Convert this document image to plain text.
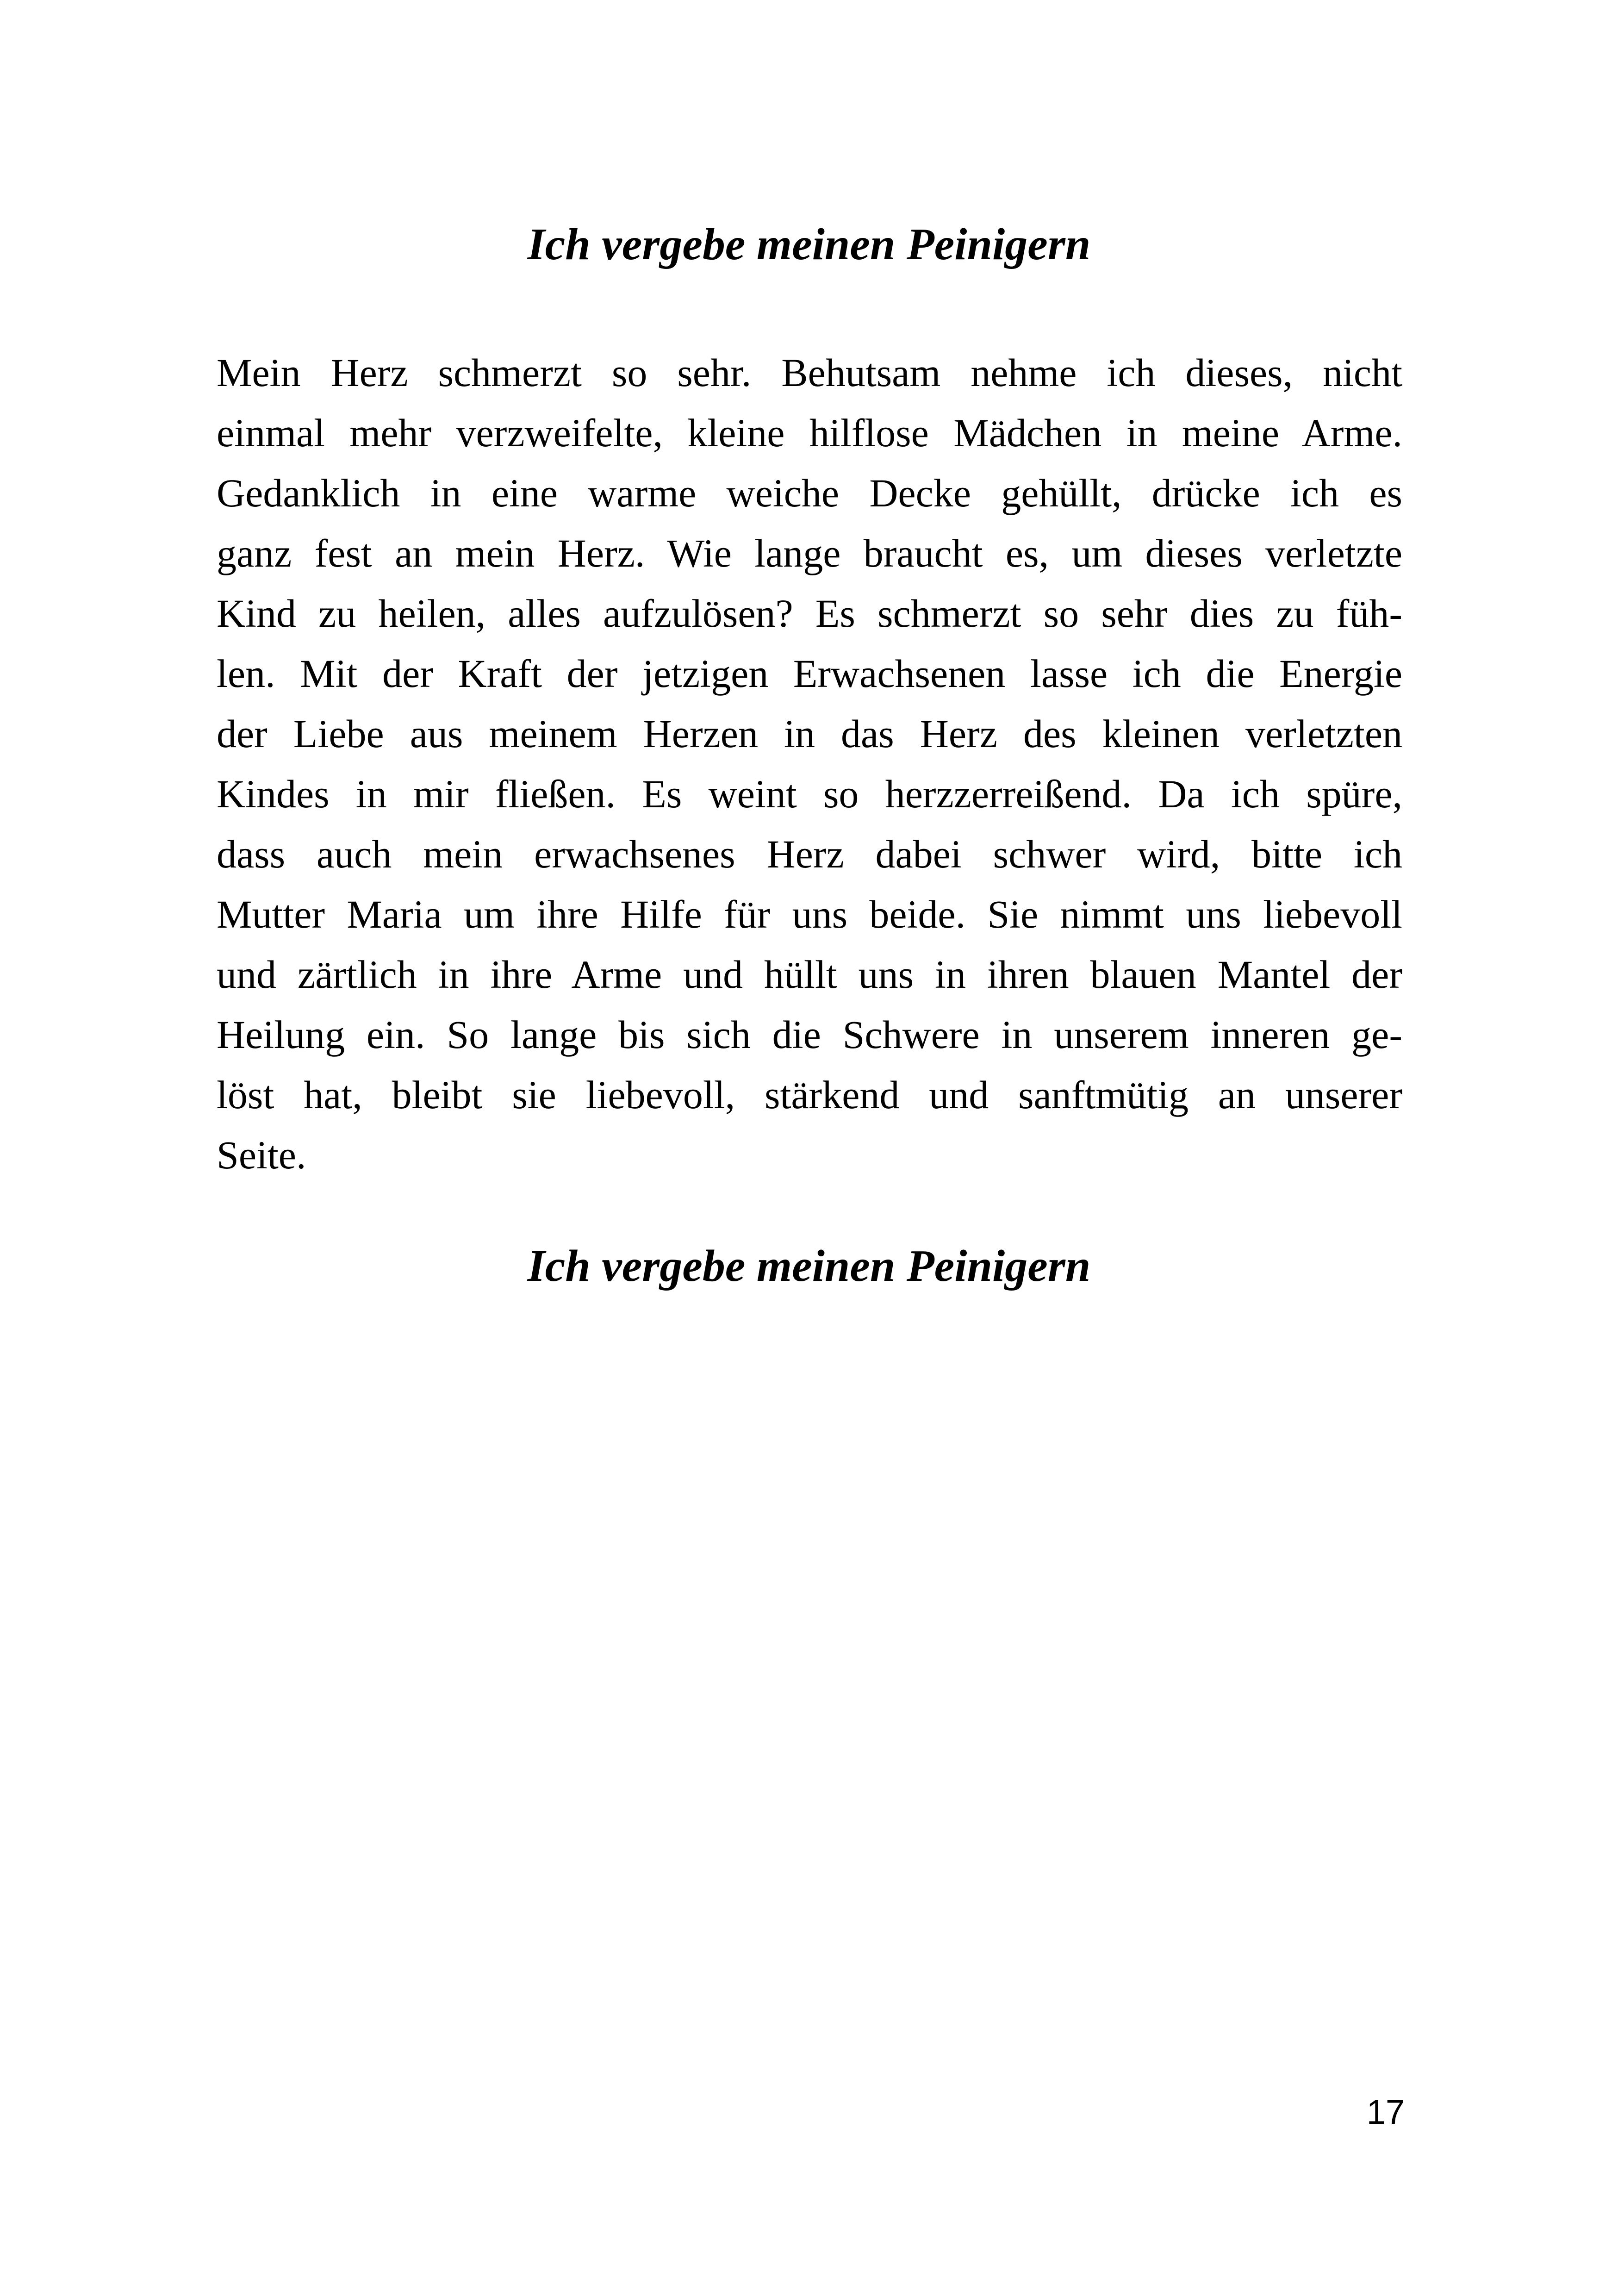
Ich vergebe meinen Peinigern
Mein Herz schmerzt so sehr. Behutsam nehme ich dieses, nicht
einmal mehr verzweifelte, kleine hilflose Mädchen in meine Arme.
Gedanklich in eine warme weiche Decke gehüllt, drücke ich es
ganz fest an mein Herz. Wie lange braucht es, um dieses verletzte
Kind zu heilen, alles aufzulösen? Es schmerzt so sehr dies zu füh-
len. Mit der Kraft der jetzigen Erwachsenen lasse ich die Energie
der Liebe aus meinem Herzen in das Herz des kleinen verletzten
Kindes in mir fließen. Es weint so herzzerreißend. Da ich spüre,
dass auch mein erwachsenes Herz dabei schwer wird, bitte ich
Mutter Maria um ihre Hilfe für uns beide. Sie nimmt uns liebevoll
und zärtlich in ihre Arme und hüllt uns in ihren blauen Mantel der
Heilung ein. So lange bis sich die Schwere in unserem inneren ge-
löst hat, bleibt sie liebevoll, stärkend und sanftmütig an unserer
Seite.
Ich vergebe meinen Peinigern
17
